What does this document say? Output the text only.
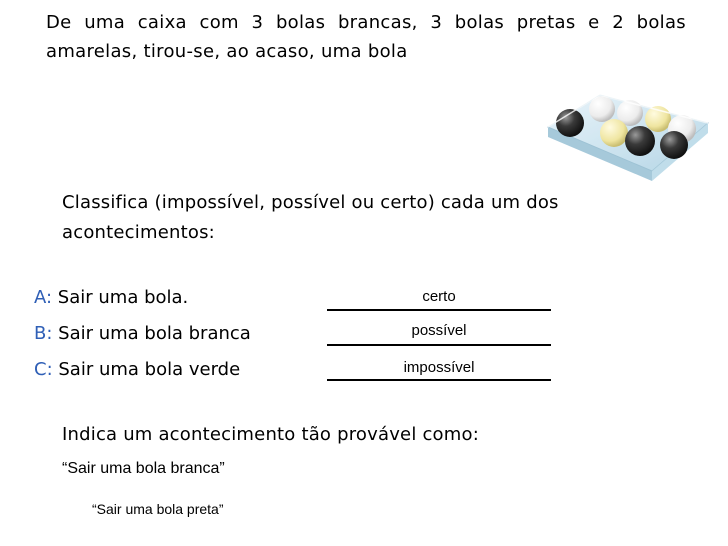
De uma caixa com 3 bolas brancas, 3 bolas pretas e 2 bolas amarelas, tirou-se, ao acaso, uma bola
Classifica (impossível, possível ou certo) cada um dos acontecimentos:
A: Sair uma bola.	certo
B: Sair uma bola branca	possível
C: Sair uma bola verde	impossível
Indica um acontecimento tão provável como:
“Sair uma bola branca”
“Sair uma bola preta”
